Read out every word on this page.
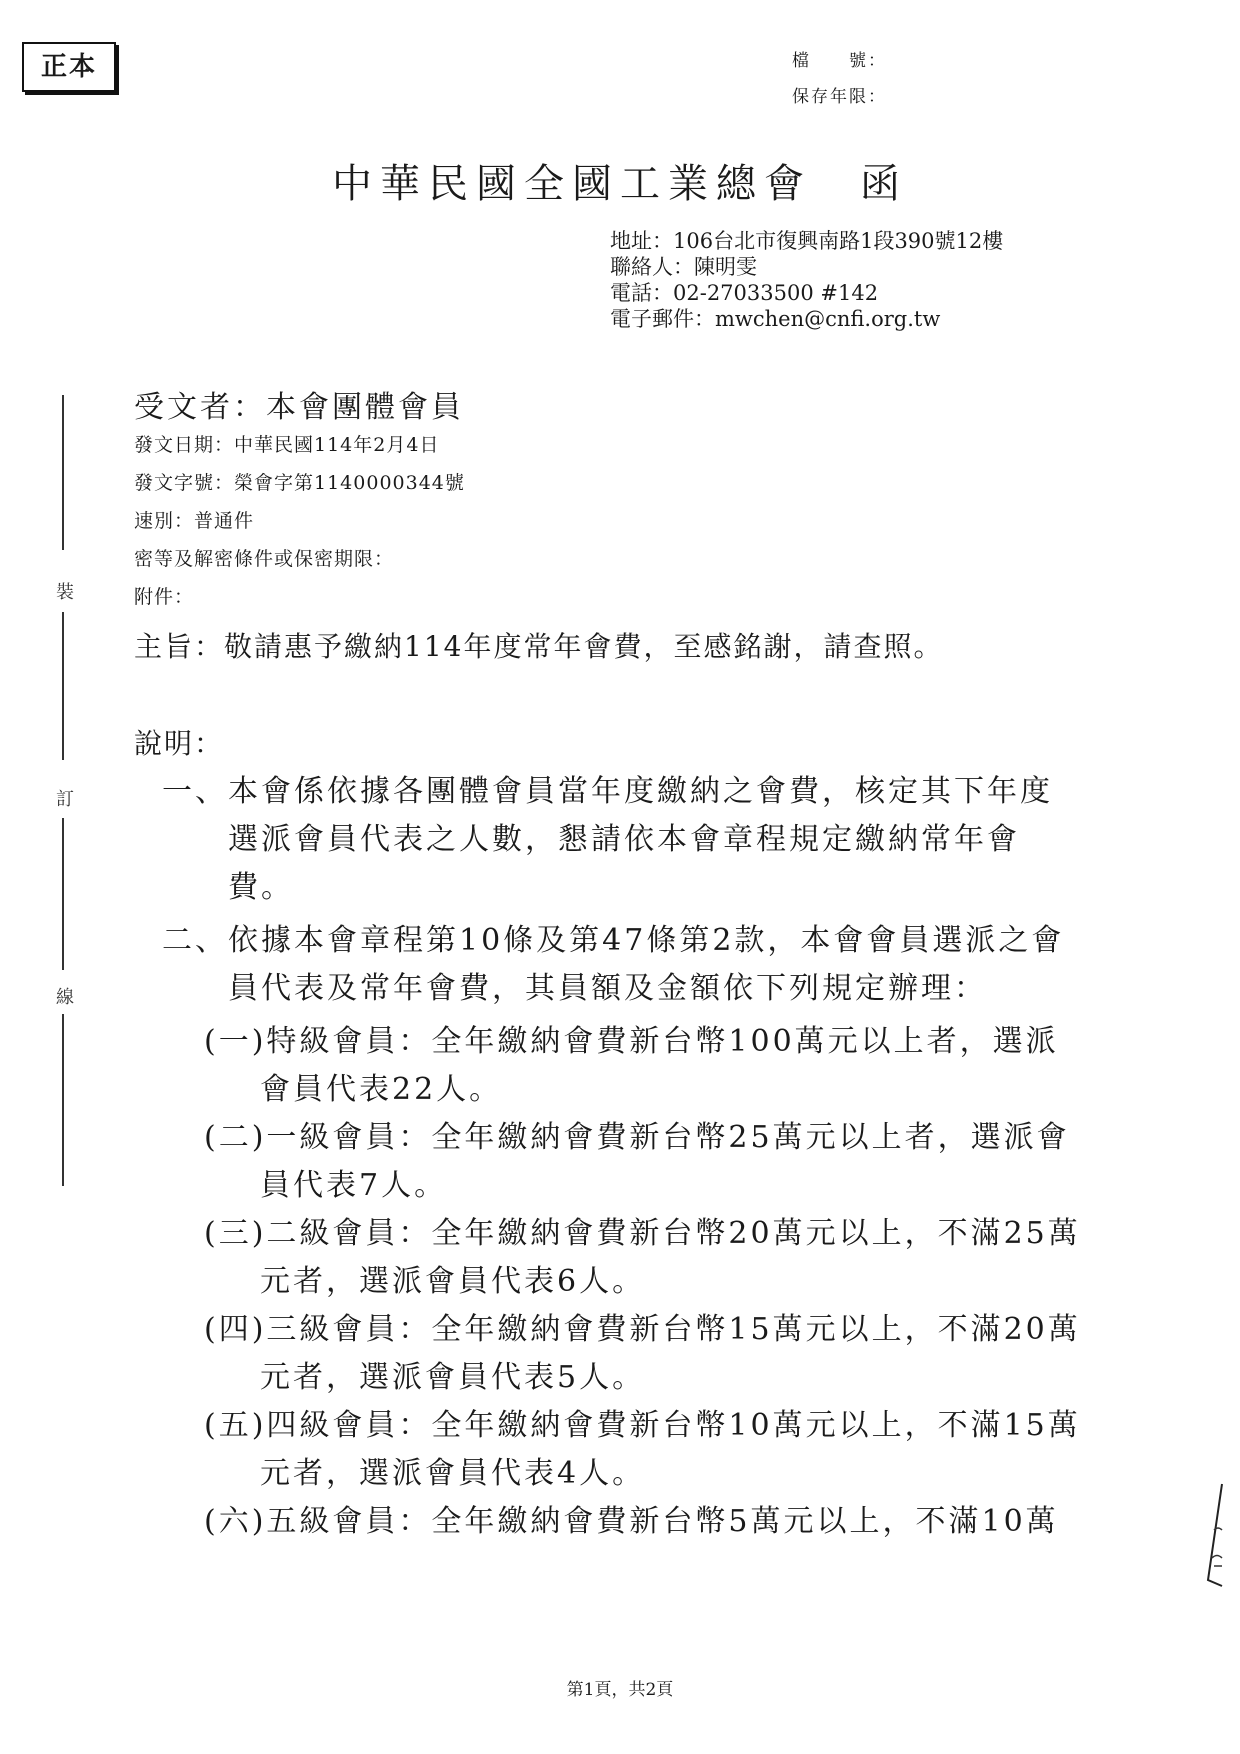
正本	檔　　號：
保存年限：
中華民國全國工業總會　函
地址：106台北市復興南路1段390號12樓
聯絡人：陳明雯
電話：02-27033500 #142
電子郵件：mwchen@cnfi.org.tw
裝
訂
線
受文者：本會團體會員
發文日期：中華民國114年2月4日
發文字號：榮會字第1140000344號
速別：普通件
密等及解密條件或保密期限：
附件：
主旨：敬請惠予繳納114年度常年會費，至感銘謝，請查照。
說明：
一、本會係依據各團體會員當年度繳納之會費，核定其下年度
選派會員代表之人數，懇請依本會章程規定繳納常年會
費。
二、依據本會章程第10條及第47條第2款，本會會員選派之會
員代表及常年會費，其員額及金額依下列規定辦理：
(一)特級會員：全年繳納會費新台幣100萬元以上者，選派
會員代表22人。
(二)一級會員：全年繳納會費新台幣25萬元以上者，選派會
員代表7人。
(三)二級會員：全年繳納會費新台幣20萬元以上，不滿25萬
元者，選派會員代表6人。
(四)三級會員：全年繳納會費新台幣15萬元以上，不滿20萬
元者，選派會員代表5人。
(五)四級會員：全年繳納會費新台幣10萬元以上，不滿15萬
元者，選派會員代表4人。
(六)五級會員：全年繳納會費新台幣5萬元以上，不滿10萬
第1頁，共2頁
